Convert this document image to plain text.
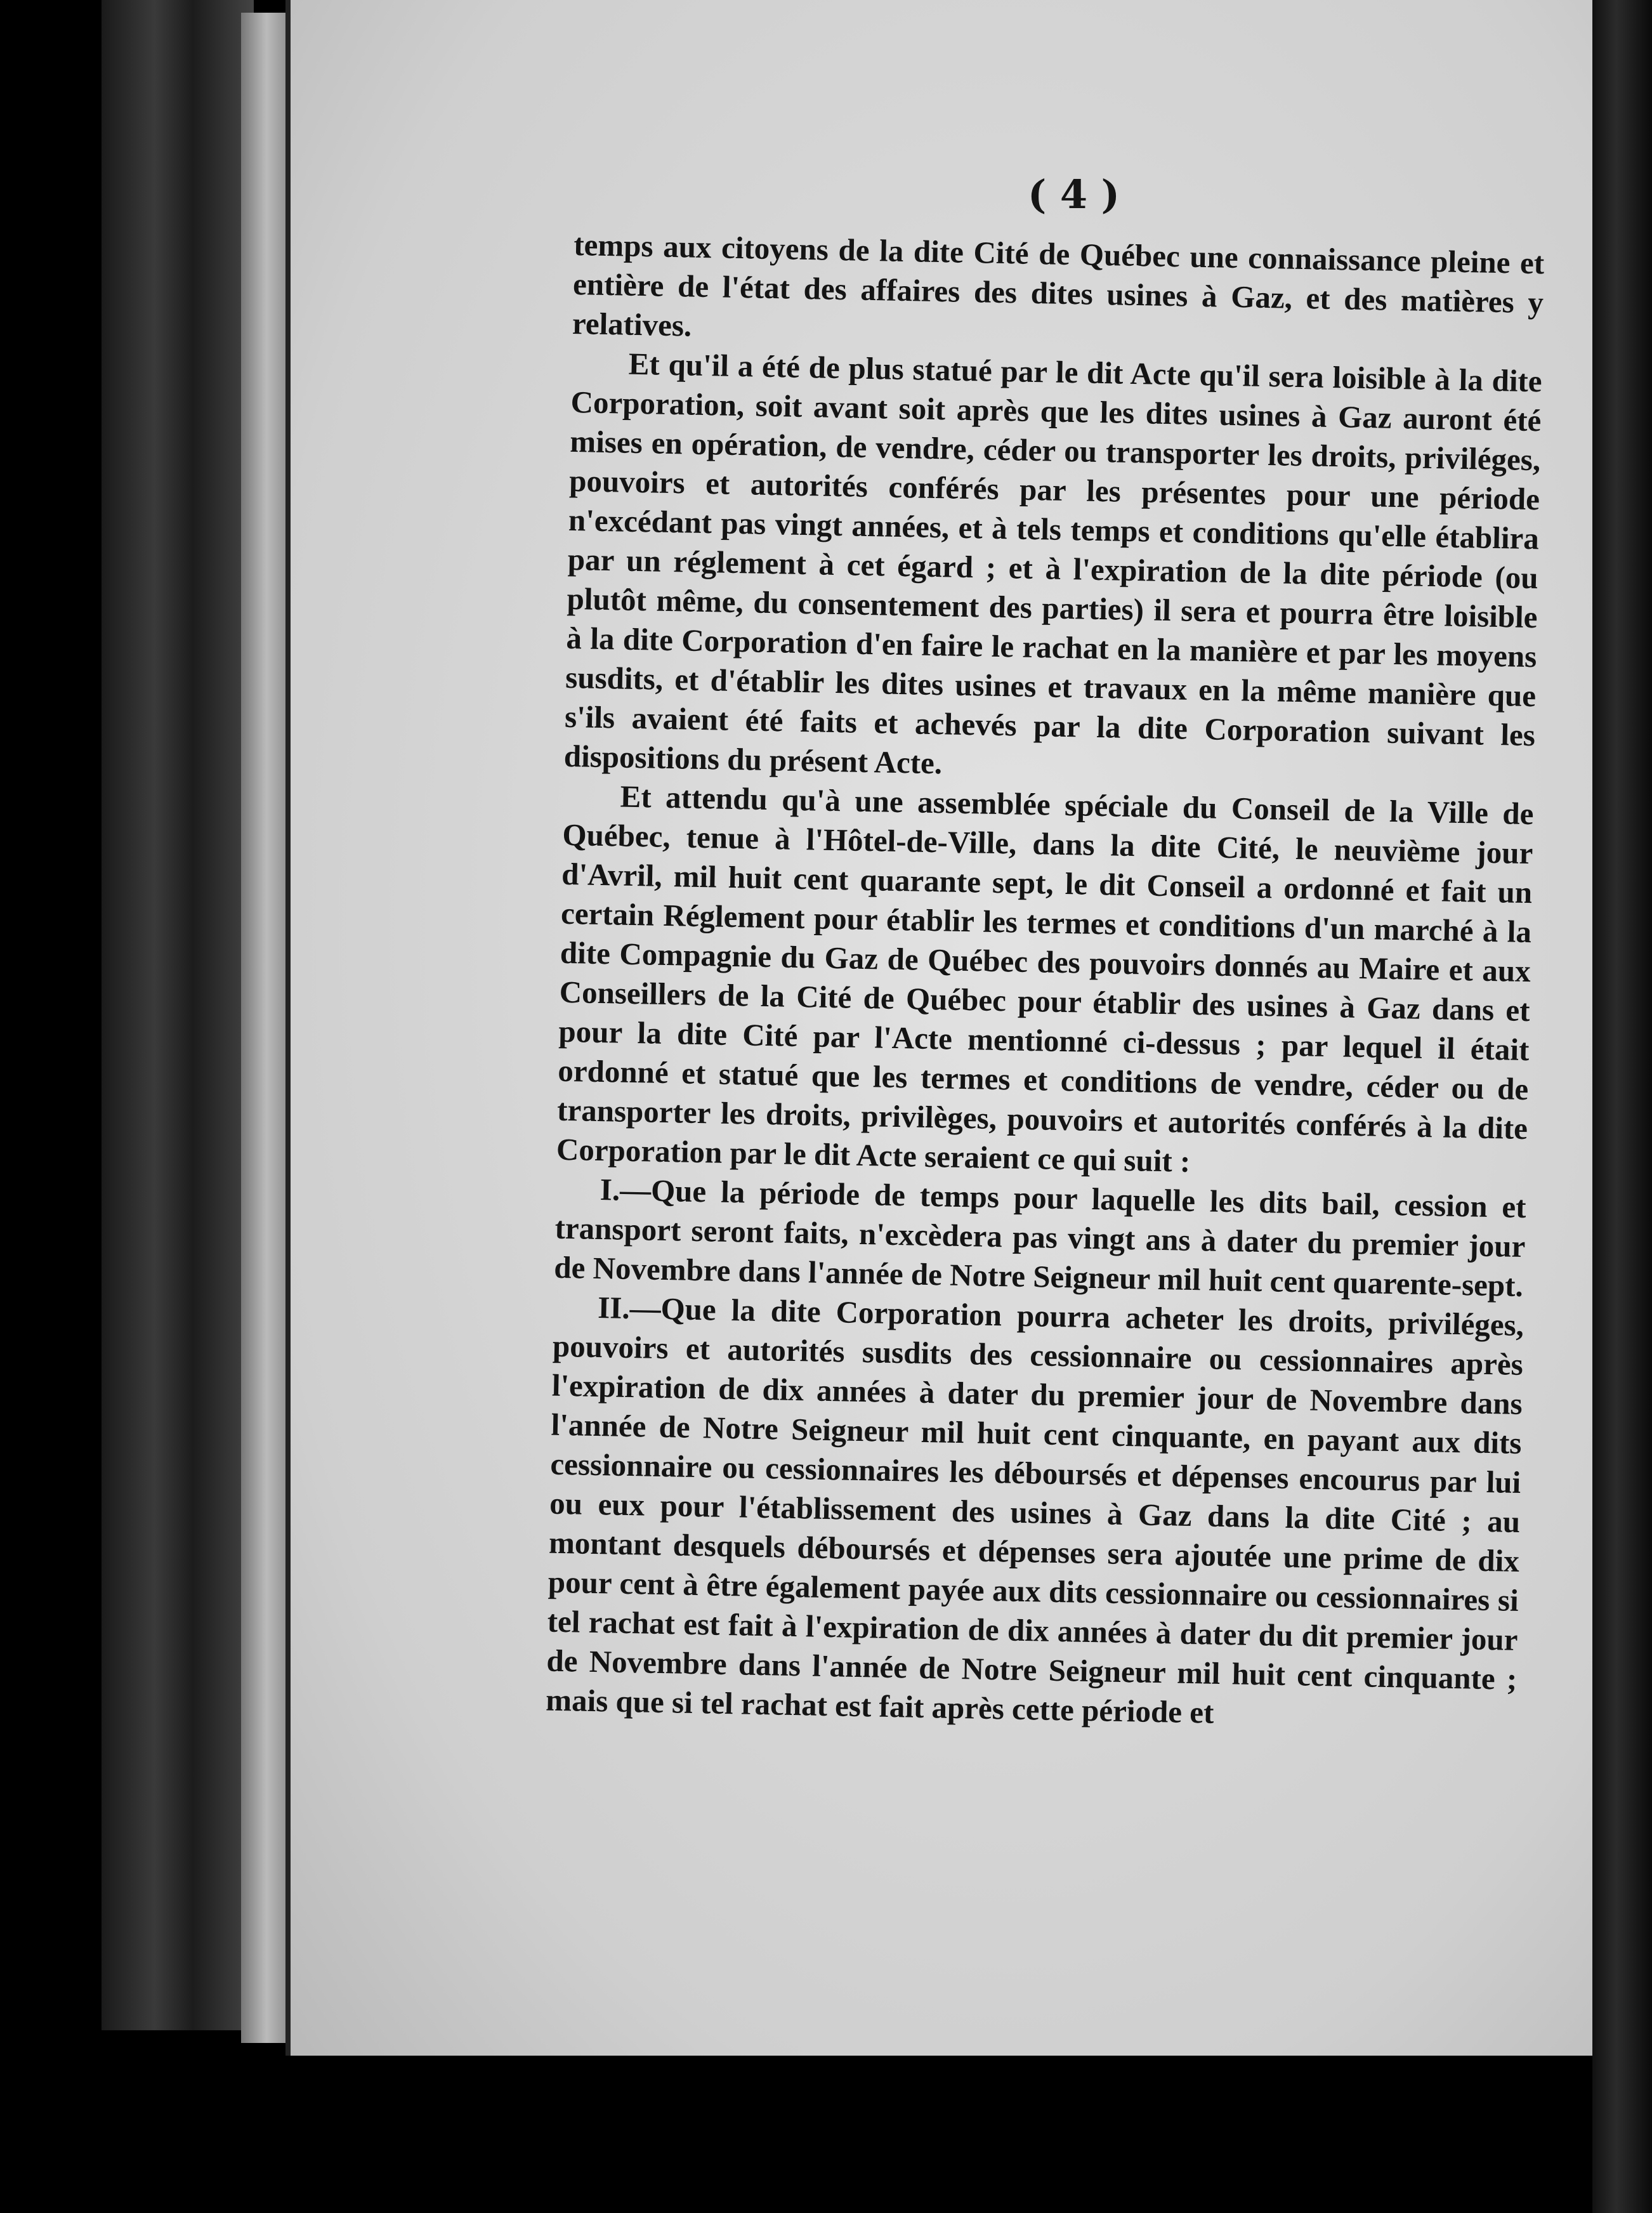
( 4 )

temps aux citoyens de la dite Cité de Québec une connaissance pleine et entière de l'état des affaires des dites usines à Gaz, et des matières y relatives.

Et qu'il a été de plus statué par le dit Acte qu'il sera loisible à la dite Corporation, soit avant soit après que les dites usines à Gaz auront été mises en opération, de vendre, céder ou transporter les droits, priviléges, pouvoirs et autorités conférés par les présentes pour une période n'excédant pas vingt années, et à tels temps et conditions qu'elle établira par un réglement à cet égard ; et à l'expiration de la dite période (ou plutôt même, du consentement des parties) il sera et pourra être loisible à la dite Corporation d'en faire le rachat en la manière et par les moyens susdits, et d'établir les dites usines et travaux en la même manière que s'ils avaient été faits et achevés par la dite Corporation suivant les dispositions du présent Acte.

Et attendu qu'à une assemblée spéciale du Conseil de la Ville de Québec, tenue à l'Hôtel-de-Ville, dans la dite Cité, le neuvième jour d'Avril, mil huit cent quarante sept, le dit Conseil a ordonné et fait un certain Réglement pour établir les termes et conditions d'un marché à la dite Compagnie du Gaz de Québec des pouvoirs donnés au Maire et aux Conseillers de la Cité de Québec pour établir des usines à Gaz dans et pour la dite Cité par l'Acte mentionné ci-dessus ; par lequel il était ordonné et statué que les termes et conditions de vendre, céder ou de transporter les droits, privilèges, pouvoirs et autorités conférés à la dite Corporation par le dit Acte seraient ce qui suit :

I.—Que la période de temps pour laquelle les dits bail, cession et transport seront faits, n'excèdera pas vingt ans à dater du premier jour de Novembre dans l'année de Notre Seigneur mil huit cent quarente-sept.

II.—Que la dite Corporation pourra acheter les droits, priviléges, pouvoirs et autorités susdits des cessionnaire ou cessionnaires après l'expiration de dix années à dater du premier jour de Novembre dans l'année de Notre Seigneur mil huit cent cinquante, en payant aux dits cessionnaire ou cessionnaires les déboursés et dépenses encourus par lui ou eux pour l'établissement des usines à Gaz dans la dite Cité ; au montant desquels déboursés et dépenses sera ajoutée une prime de dix pour cent à être également payée aux dits cessionnaire ou cessionnaires si tel rachat est fait à l'expiration de dix années à dater du dit premier jour de Novembre dans l'année de Notre Seigneur mil huit cent cinquante ; mais que si tel rachat est fait après cette période et
